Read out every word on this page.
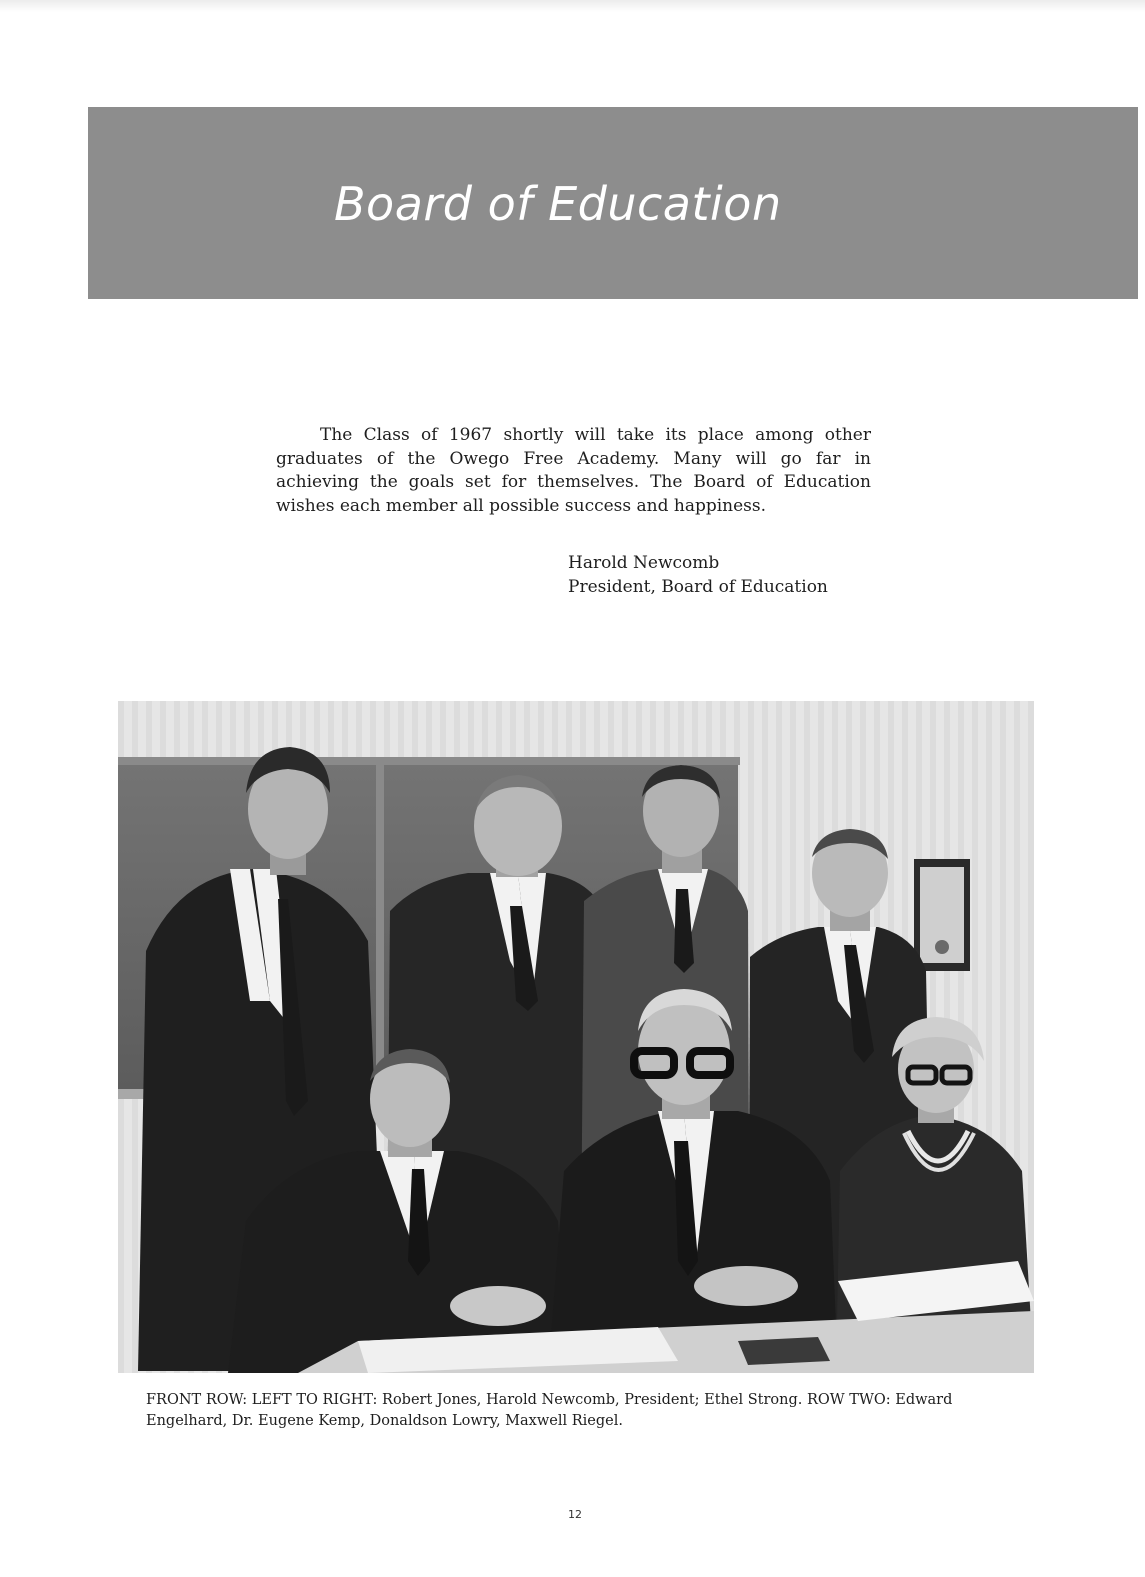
Board of Education

The Class of 1967 shortly will take its place among other graduates of the Owego Free Academy. Many will go far in achieving the goals set for themselves. The Board of Education wishes each member all possible success and happiness.

Harold Newcomb
President, Board of Education

FRONT ROW: LEFT TO RIGHT: Robert Jones, Harold Newcomb, President; Ethel Strong. ROW TWO: Edward Engelhard, Dr. Eugene Kemp, Donaldson Lowry, Maxwell Riegel.

12
